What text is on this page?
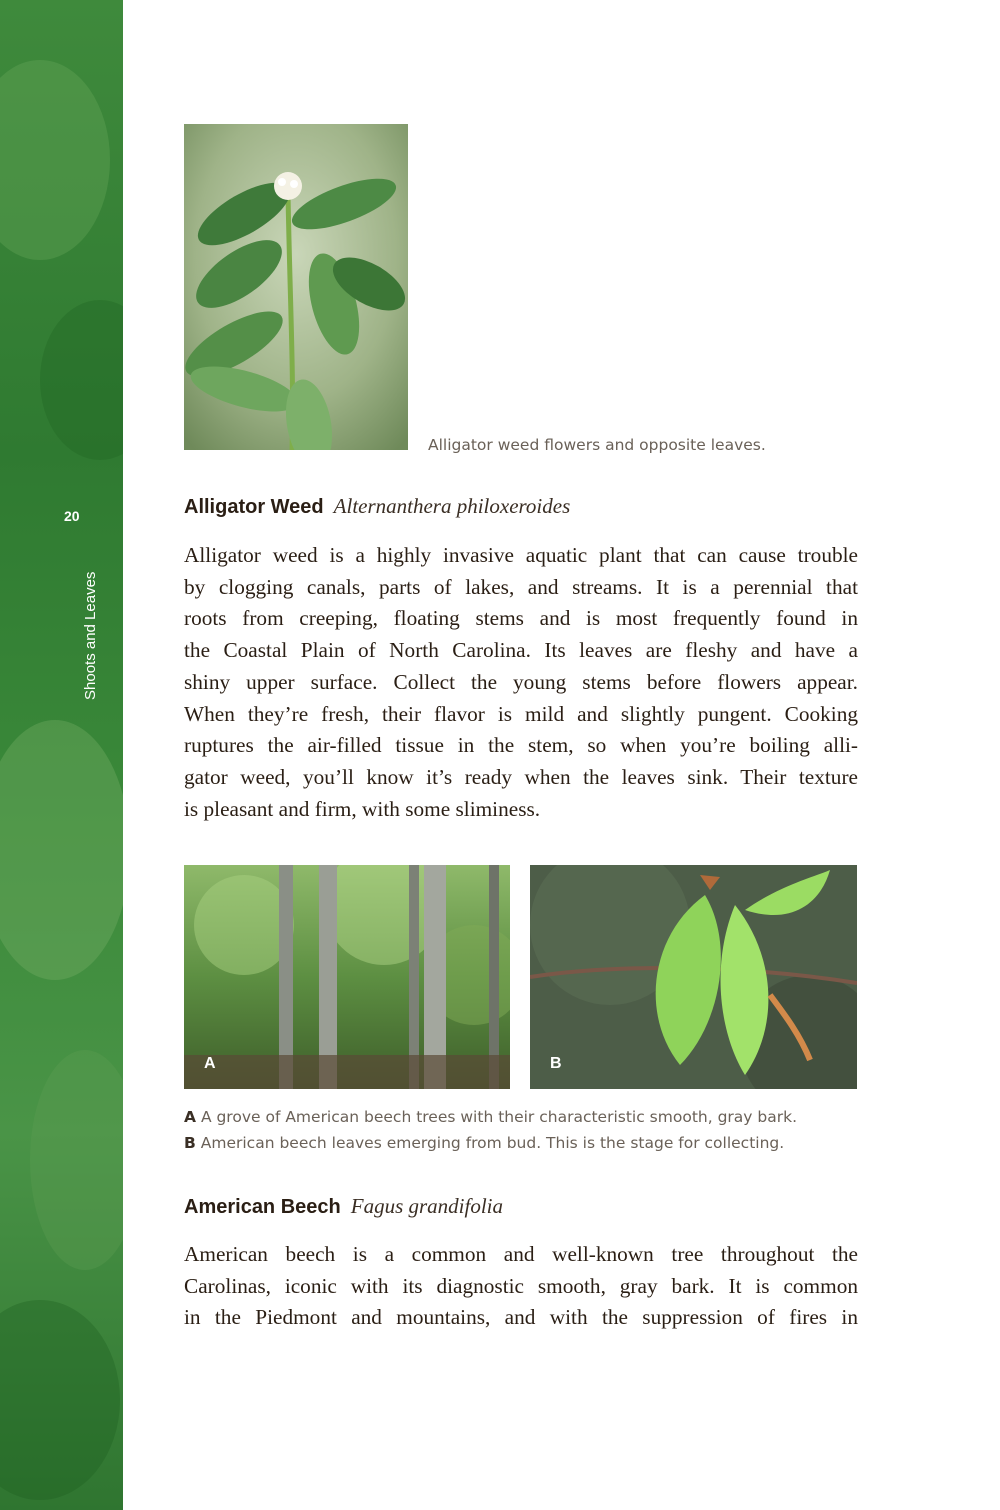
20
Shoots and Leaves
Alligator weed flowers and opposite leaves.
Alligator Weed Alternanthera philoxeroides

Alligator weed is a highly invasive aquatic plant that can cause trouble
by clogging canals, parts of lakes, and streams. It is a perennial that
roots from creeping, floating stems and is most frequently found in
the Coastal Plain of North Carolina. Its leaves are fleshy and have a
shiny upper surface. Collect the young stems before flowers appear.
When they’re fresh, their flavor is mild and slightly pungent. Cooking
ruptures the air-filled tissue in the stem, so when you’re boiling alli-
gator weed, you’ll know it’s ready when the leaves sink. Their texture
is pleasant and firm, with some sliminess.

A	B
A A grove of American beech trees with their characteristic smooth, gray bark.
B American beech leaves emerging from bud. This is the stage for collecting.
American Beech Fagus grandifolia

American beech is a common and well-known tree throughout the
Carolinas, iconic with its diagnostic smooth, gray bark. It is common
in the Piedmont and mountains, and with the suppression of fires in
